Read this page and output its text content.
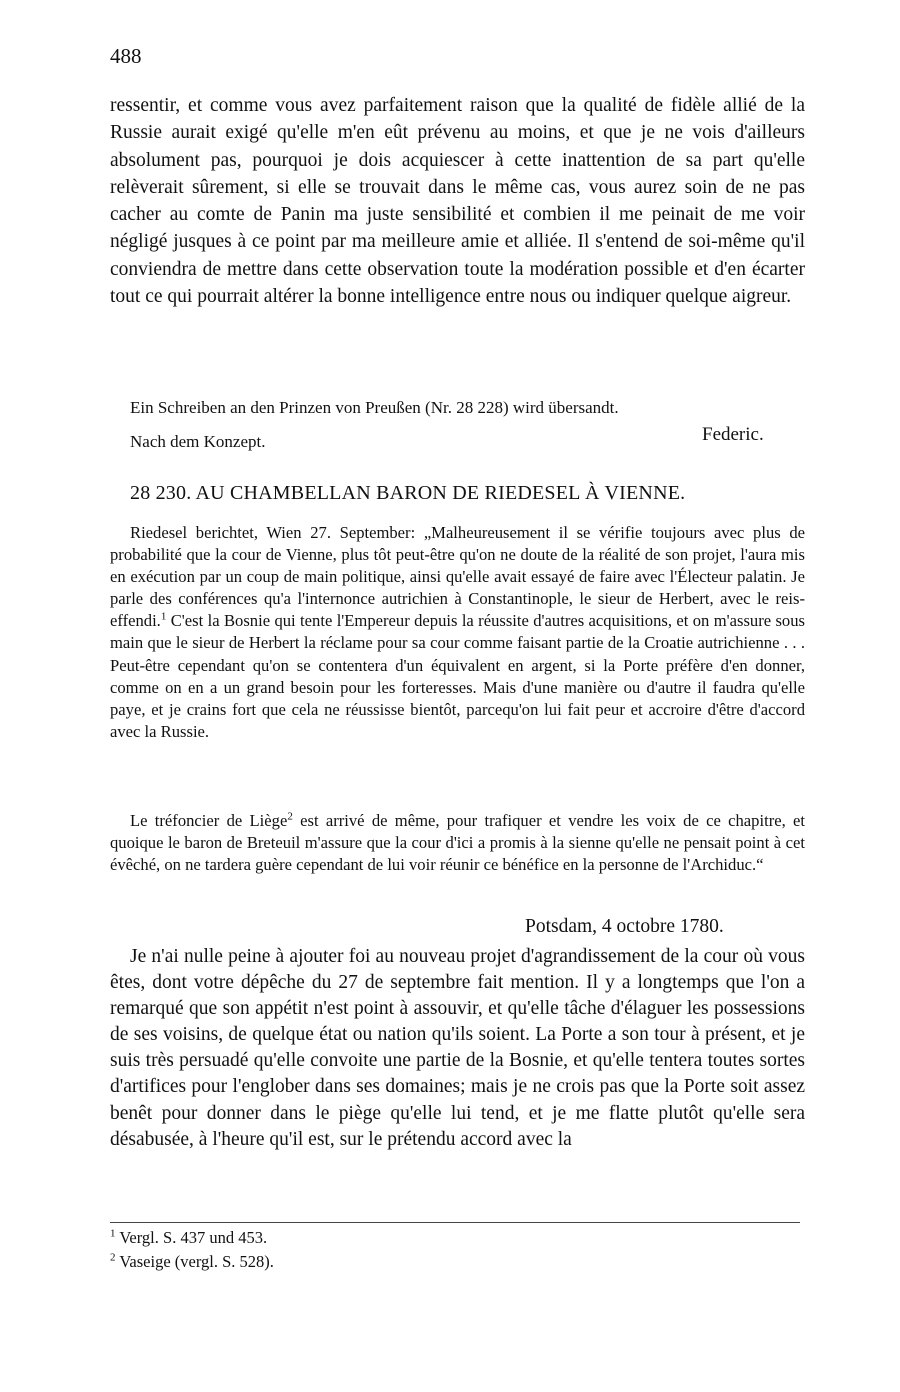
488
ressentir, et comme vous avez parfaitement raison que la qualité de fidèle allié de la Russie aurait exigé qu'elle m'en eût prévenu au moins, et que je ne vois d'ailleurs absolument pas, pourquoi je dois acquiescer à cette inattention de sa part qu'elle relèverait sûrement, si elle se trouvait dans le même cas, vous aurez soin de ne pas cacher au comte de Panin ma juste sensibilité et combien il me peinait de me voir négligé jusques à ce point par ma meilleure amie et alliée. Il s'entend de soi-même qu'il conviendra de mettre dans cette observation toute la modération possible et d'en écarter tout ce qui pourrait altérer la bonne intelligence entre nous ou indiquer quelque aigreur.
Ein Schreiben an den Prinzen von Preußen (Nr. 28 228) wird übersandt.
Nach dem Konzept.	Federic.
28 230. AU CHAMBELLAN BARON DE RIEDESEL À VIENNE.
Riedesel berichtet, Wien 27. September: „Malheureusement il se vérifie toujours avec plus de probabilité que la cour de Vienne, plus tôt peut-être qu'on ne doute de la réalité de son projet, l'aura mis en exécution par un coup de main politique, ainsi qu'elle avait essayé de faire avec l'Électeur palatin. Je parle des conférences qu'a l'internonce autrichien à Constantinople, le sieur de Herbert, avec le reis-effendi.$^1$ C'est la Bosnie qui tente l'Empereur depuis la réussite d'autres acquisitions, et on m'assure sous main que le sieur de Herbert la réclame pour sa cour comme faisant partie de la Croatie autrichienne . . . Peut-être cependant qu'on se contentera d'un équivalent en argent, si la Porte préfère d'en donner, comme on en a un grand besoin pour les forteresses. Mais d'une manière ou d'autre il faudra qu'elle paye, et je crains fort que cela ne réussisse bientôt, parcequ'on lui fait peur et accroire d'être d'accord avec la Russie.
Le tréfoncier de Liège$^2$ est arrivé de même, pour trafiquer et vendre les voix de ce chapitre, et quoique le baron de Breteuil m'assure que la cour d'ici a promis à la sienne qu'elle ne pensait point à cet évêché, on ne tardera guère cependant de lui voir réunir ce bénéfice en la personne de l'Archiduc.“
Potsdam, 4 octobre 1780.
Je n'ai nulle peine à ajouter foi au nouveau projet d'agrandissement de la cour où vous êtes, dont votre dépêche du 27 de septembre fait mention. Il y a longtemps que l'on a remarqué que son appétit n'est point à assouvir, et qu'elle tâche d'élaguer les possessions de ses voisins, de quelque état ou nation qu'ils soient. La Porte a son tour à présent, et je suis très persuadé qu'elle convoite une partie de la Bosnie, et qu'elle tentera toutes sortes d'artifices pour l'englober dans ses domaines; mais je ne crois pas que la Porte soit assez benêt pour donner dans le piège qu'elle lui tend, et je me flatte plutôt qu'elle sera désabusée, à l'heure qu'il est, sur le prétendu accord avec la
$^1$ Vergl. S. 437 und 453.
$^2$ Vaseige (vergl. S. 528).
